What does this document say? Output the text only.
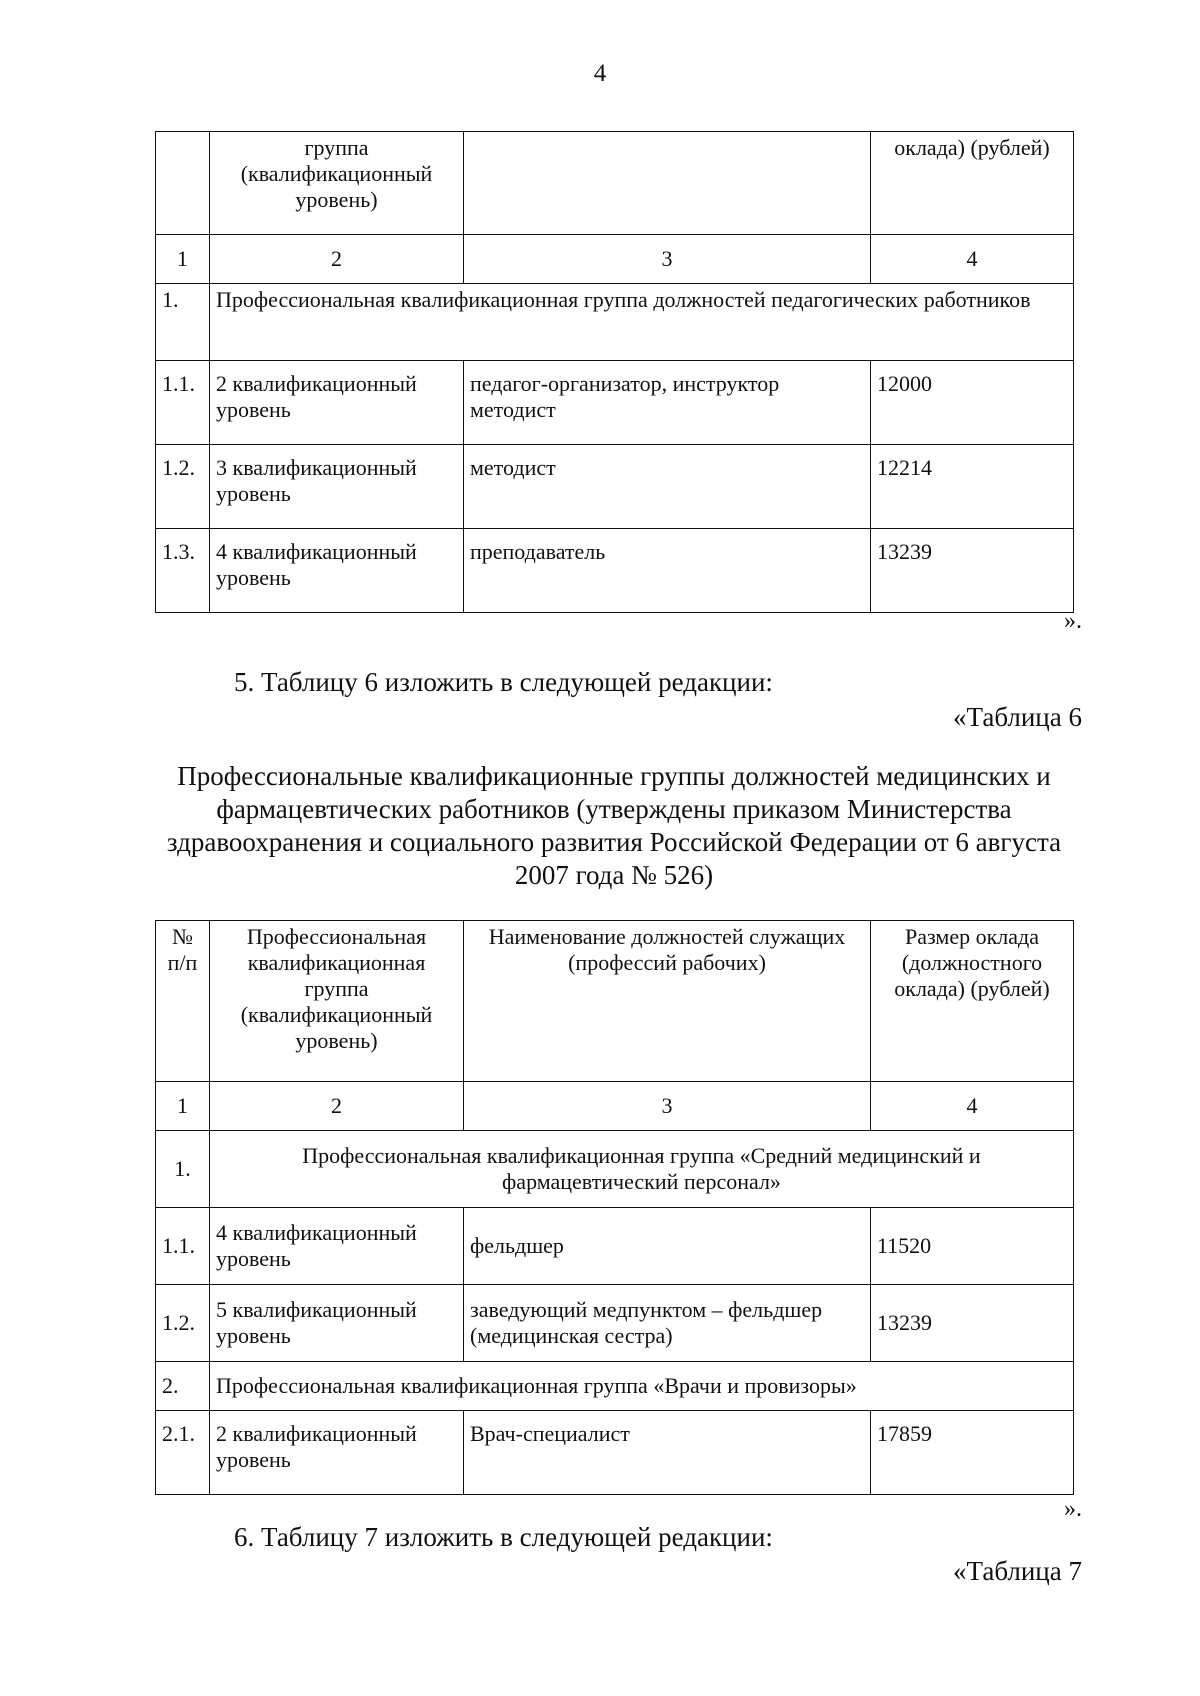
4
	группа (квалификационный уровень)		оклада) (рублей)
1	2	3	4
1.	Профессиональная квалификационная группа должностей педагогических работников		
1.1.	2 квалификационный уровень	педагог-организатор, инструктор методист	12000
1.2.	3 квалификационный уровень	методист	12214
1.3.	4 квалификационный уровень	преподаватель	13239
».
5. Таблицу 6 изложить в следующей редакции:
«Таблица 6
Профессиональные квалификационные группы должностей медицинских и фармацевтических работников (утверждены приказом Министерства здравоохранения и социального развития Российской Федерации от 6 августа 2007 года № 526)
№ п/п	Профессиональная квалификационная группа (квалификационный уровень)	Наименование должностей служащих (профессий рабочих)	Размер оклада (должностного оклада) (рублей)
1	2	3	4
1.	Профессиональная квалификационная группа «Средний медицинский и фармацевтический персонал»		
1.1.	4 квалификационный уровень	фельдшер	11520
1.2.	5 квалификационный уровень	заведующий медпунктом – фельдшер (медицинская сестра)	13239
2.	Профессиональная квалификационная группа «Врачи и провизоры»		
2.1.	2 квалификационный уровень	Врач-специалист	17859
».
6. Таблицу 7 изложить в следующей редакции:
«Таблица 7
